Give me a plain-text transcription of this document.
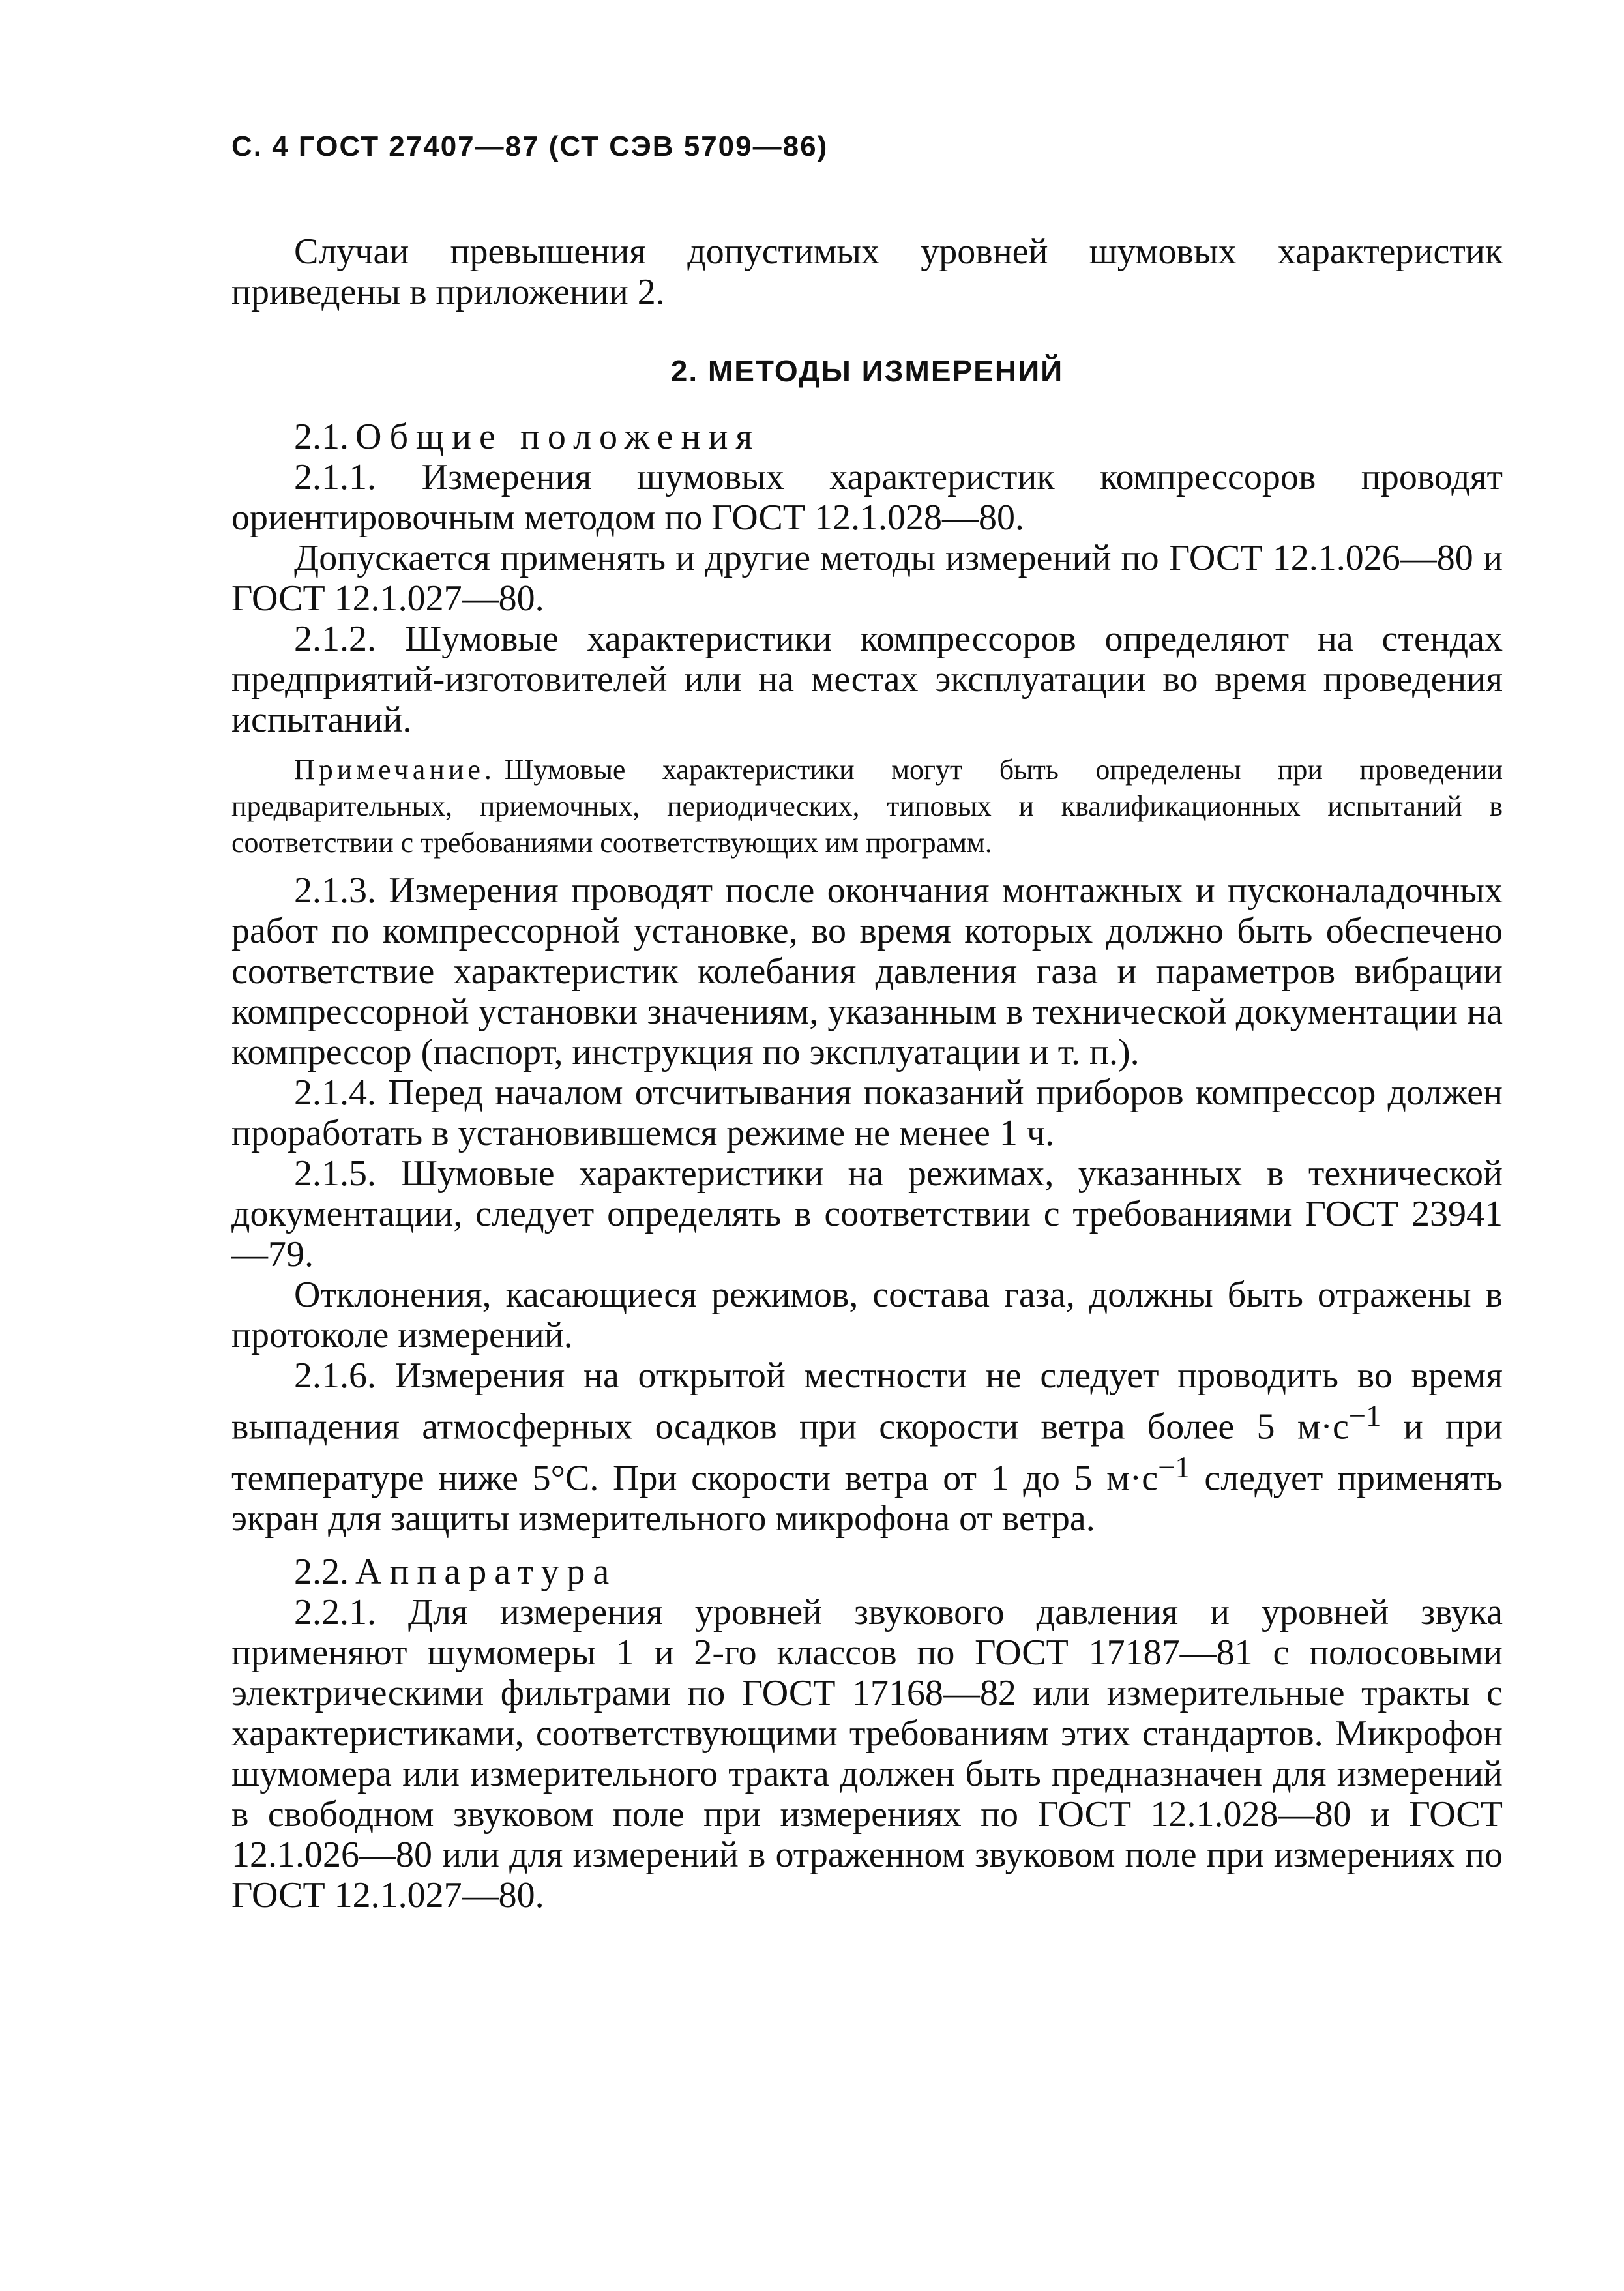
С. 4 ГОСТ 27407—87 (СТ СЭВ 5709—86)

Случаи превышения допустимых уровней шумовых характеристик приведены в приложении 2.

2. МЕТОДЫ ИЗМЕРЕНИЙ

2.1. Общие положения

2.1.1. Измерения шумовых характеристик компрессоров проводят ориентировочным методом по ГОСТ 12.1.028—80.

Допускается применять и другие методы измерений по ГОСТ 12.1.026—80 и ГОСТ 12.1.027—80.

2.1.2. Шумовые характеристики компрессоров определяют на стендах предприятий-изготовителей или на местах эксплуатации во время проведения испытаний.

Примечание. Шумовые характеристики могут быть определены при проведении предварительных, приемочных, периодических, типовых и квалификационных испытаний в соответствии с требованиями соответствующих им программ.

2.1.3. Измерения проводят после окончания монтажных и пусконаладочных работ по компрессорной установке, во время которых должно быть обеспечено соответствие характеристик колебания давления газа и параметров вибрации компрессорной установки значениям, указанным в технической документации на компрессор (паспорт, инструкция по эксплуатации и т. п.).

2.1.4. Перед началом отсчитывания показаний приборов компрессор должен проработать в установившемся режиме не менее 1 ч.

2.1.5. Шумовые характеристики на режимах, указанных в технической документации, следует определять в соответствии с требованиями ГОСТ 23941—79.

Отклонения, касающиеся режимов, состава газа, должны быть отражены в протоколе измерений.

2.1.6. Измерения на открытой местности не следует проводить во время выпадения атмосферных осадков при скорости ветра более 5 $м\cdot с^{-1}$ и при температуре ниже 5°C. При скорости ветра от 1 до 5 $м\cdot с^{-1}$ следует применять экран для защиты измерительного микрофона от ветра.

2.2. Аппаратура

2.2.1. Для измерения уровней звукового давления и уровней звука применяют шумомеры 1 и 2-го классов по ГОСТ 17187—81 с полосовыми электрическими фильтрами по ГОСТ 17168—82 или измерительные тракты с характеристиками, соответствующими требованиям этих стандартов. Микрофон шумомера или измерительного тракта должен быть предназначен для измерений в свободном звуковом поле при измерениях по ГОСТ 12.1.028—80 и ГОСТ 12.1.026—80 или для измерений в отраженном звуковом поле при измерениях по ГОСТ 12.1.027—80.
